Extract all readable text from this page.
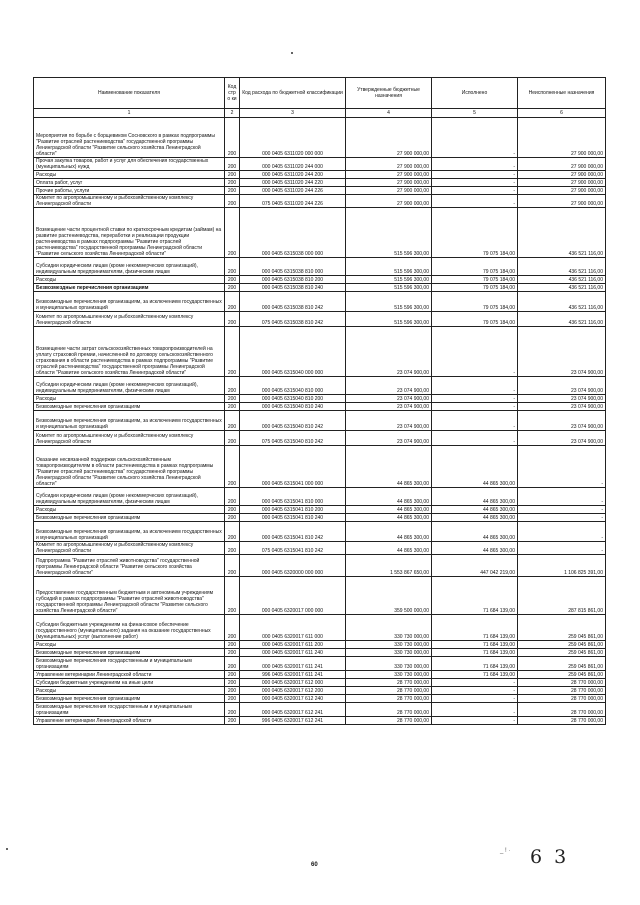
Наименование показателя	Код стро ки	Код расхода по бюджетной классификации	Утвержденные бюджетные назначения	Исполнено	Неисполненные назначения
1	2	3	4	5	6
Мероприятия по борьбе с борщевиком Сосновского в рамках подпрограммы "Развитие отраслей растениеводства" государственной программы Ленинградской области "Развитие сельского хозяйства Ленинградской области"	200	000 0405 6311020 000 000	27 900 000,00	-	27 900 000,00
Прочая закупка товаров, работ и услуг для обеспечения государственных (муниципальных) нужд	200	000 0405 6311020 244 000	27 900 000,00	-	27 900 000,00
Расходы	200	000 0405 6311020 244 200	27 900 000,00	-	27 900 000,00
Оплата работ, услуг	200	000 0405 6311020 244 220	27 900 000,00	-	27 900 000,00
Прочие работы, услуги	200	000 0405 6311020 244 226	27 900 000,00	-	27 900 000,00
Комитет по агропромышленному и рыбохозяйственному комплексу Ленинградской области	200	075 0405 6311020 244 226	27 900 000,00	-	27 900 000,00
Возмещение части процентной ставки по краткосрочным кредитам (займам) на развитие растениеводства, переработки и реализации продукции растениеводства в рамках подпрограммы "Развитие отраслей растениеводства" государственной программы Ленинградской области "Развитие сельского хозяйства Ленинградской области"	200	000 0405 6315038 000 000	515 596 300,00	79 075 184,00	436 521 116,00
Субсидии юридическим лицам (кроме некоммерческих организаций), индивидуальным предпринимателям, физическим лицам	200	000 0405 6315038 810 000	515 596 300,00	79 075 184,00	436 521 116,00
Расходы	200	000 0405 6315038 810 200	515 596 300,00	79 075 184,00	436 521 116,00
Безвозмездные перечисления организациям	200	000 0405 6315038 810 240	515 596 300,00	79 075 184,00	436 521 116,00
Безвозмездные перечисления организациям, за исключением государственных и муниципальных организаций	200	000 0405 6315038 810 242	515 596 300,00	79 075 184,00	436 521 116,00
Комитет по агропромышленному и рыбохозяйственному комплексу Ленинградской области	200	075 0405 6315038 810 242	515 596 300,00	79 075 184,00	436 521 116,00
Возмещение части затрат сельскохозяйственных товаропроизводителей на уплату страховой премии, начисленной по договору сельскохозяйственного страхования в области растениеводства в рамках подпрограммы "Развитие отраслей растениеводства" государственной программы Ленинградской области "Развитие сельского хозяйства Ленинградской области"	200	000 0405 6315040 000 000	23 074 900,00	-	23 074 900,00
Субсидии юридическим лицам (кроме некоммерческих организаций), индивидуальным предпринимателям, физическим лицам	200	000 0405 6315040 810 000	23 074 900,00	-	23 074 900,00
Расходы	200	000 0405 6315040 810 200	23 074 900,00	-	23 074 900,00
Безвозмездные перечисления организациям	200	000 0405 6315040 810 240	23 074 900,00	-	23 074 900,00
Безвозмездные перечисления организациям, за исключением государственных и муниципальных организаций	200	000 0405 6315040 810 242	23 074 900,00	-	23 074 900,00
Комитет по агропромышленному и рыбохозяйственному комплексу Ленинградской области	200	075 0405 6315040 810 242	23 074 900,00	-	23 074 900,00
Оказание несвязанной поддержки сельскохозяйственным товаропроизводителям в области растениеводства в рамках подпрограммы "Развитие отраслей растениеводства" государственной программы Ленинградской области "Развитие сельского хозяйства Ленинградской области"	200	000 0405 6315041 000 000	44 865 300,00	44 865 300,00	-
Субсидии юридическим лицам (кроме некоммерческих организаций), индивидуальным предпринимателям, физическим лицам	200	000 0405 6315041 810 000	44 865 300,00	44 865 300,00	-
Расходы	200	000 0405 6315041 810 200	44 865 300,00	44 865 300,00	-
Безвозмездные перечисления организациям	200	000 0405 6315041 810 240	44 865 300,00	44 865 300,00	-
Безвозмездные перечисления организациям, за исключением государственных и муниципальных организаций	200	000 0405 6315041 810 242	44 865 300,00	44 865 300,00	-
Комитет по агропромышленному и рыбохозяйственному комплексу Ленинградской области	200	075 0405 6315041 810 242	44 865 300,00	44 865 300,00	-
Подпрограмма "Развитие отраслей животноводства" государственной программы Ленинградской области "Развитие сельского хозяйства Ленинградской области"	200	000 0405 6320000 000 000	1 553 867 650,00	447 042 219,00	1 106 825 391,00
Предоставление государственным бюджетным и автономным учреждениям субсидий в рамках подпрограммы "Развитие отраслей животноводства" государственной программы Ленинградской области "Развитие сельского хозяйства Ленинградской области"	200	000 0405 6320017 000 000	359 500 000,00	71 684 139,00	287 815 861,00
Субсидии бюджетным учреждениям на финансовое обеспечение государственного (муниципального) задания на оказание государственных (муниципальных) услуг (выполнение работ)	200	000 0405 6320017 611 000	330 730 000,00	71 684 139,00	259 045 861,00
Расходы	200	000 0405 6320017 611 200	330 730 000,00	71 684 139,00	259 045 861,00
Безвозмездные перечисления организациям	200	000 0405 6320017 611 240	330 730 000,00	71 684 139,00	259 045 861,00
Безвозмездные перечисления государственным и муниципальным организациям	200	000 0405 6320017 611 241	330 730 000,00	71 684 139,00	259 045 861,00
Управление ветеринарии Ленинградской области	200	996 0405 6320017 611 241	330 730 000,00	71 684 139,00	259 045 861,00
Субсидии бюджетным учреждениям на иные цели	200	000 0405 6320017 612 000	28 770 000,00	-	28 770 000,00
Расходы	200	000 0405 6320017 612 200	28 770 000,00	-	28 770 000,00
Безвозмездные перечисления организациям	200	000 0405 6320017 612 240	28 770 000,00	-	28 770 000,00
Безвозмездные перечисления государственным и муниципальным организациям	200	000 0405 6320017 612 241	28 770 000,00	-	28 770 000,00
Управление ветеринарии Ленинградской области	200	996 0405 6320017 612 241	28 770 000,00	-	28 770 000,00
_ ! ·	6 3
60
